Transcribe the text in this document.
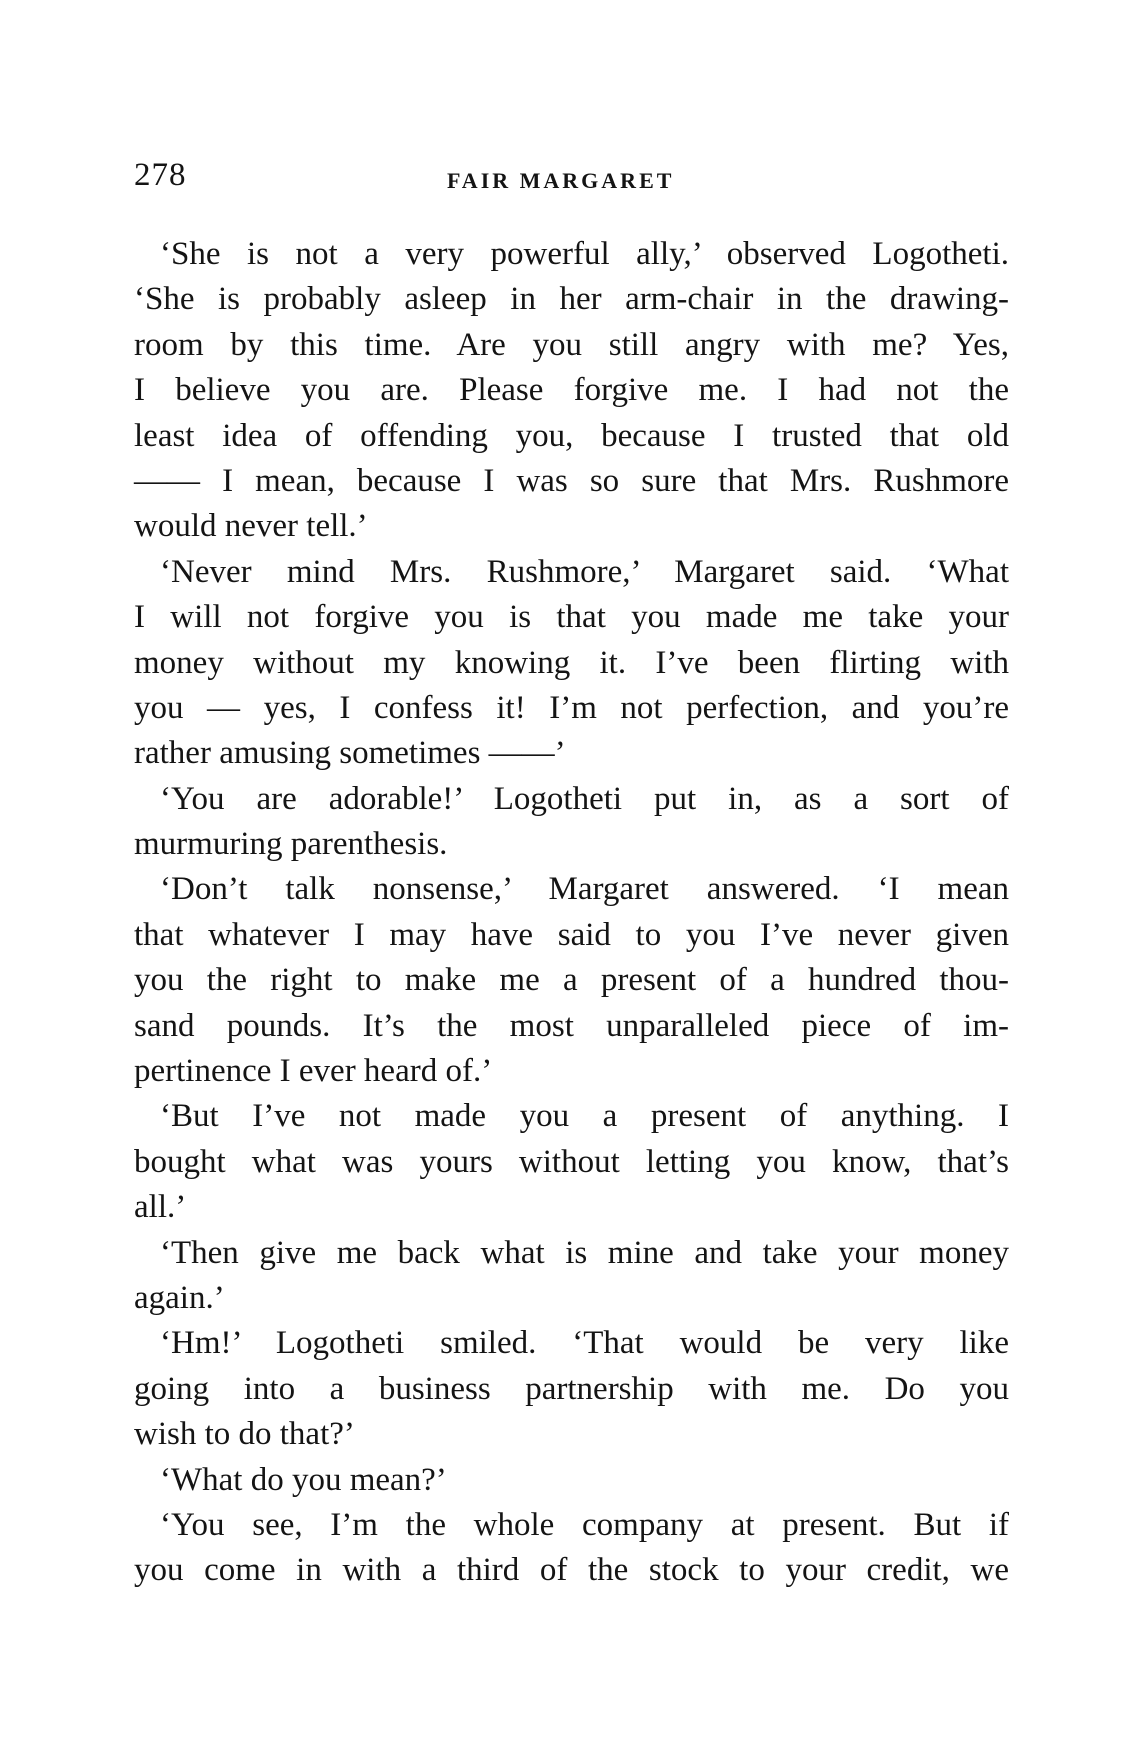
278	FAIR MARGARET
‘She is not a very powerful ally,’ observed Logotheti.
‘She is probably asleep in her arm-chair in the drawing-
room by this time. Are you still angry with me? Yes,
I believe you are. Please forgive me. I had not the
least idea of offending you, because I trusted that old
—— I mean, because I was so sure that Mrs. Rushmore
would never tell.’
‘Never mind Mrs. Rushmore,’ Margaret said. ‘What
I will not forgive you is that you made me take your
money without my knowing it. I’ve been flirting with
you — yes, I confess it! I’m not perfection, and you’re
rather amusing sometimes ——’
‘You are adorable!’ Logotheti put in, as a sort of
murmuring parenthesis.
‘Don’t talk nonsense,’ Margaret answered. ‘I mean
that whatever I may have said to you I’ve never given
you the right to make me a present of a hundred thou-
sand pounds. It’s the most unparalleled piece of im-
pertinence I ever heard of.’
‘But I’ve not made you a present of anything. I
bought what was yours without letting you know, that’s
all.’
‘Then give me back what is mine and take your money
again.’
‘Hm!’ Logotheti smiled. ‘That would be very like
going into a business partnership with me. Do you
wish to do that?’
‘What do you mean?’
‘You see, I’m the whole company at present. But if
you come in with a third of the stock to your credit, we
